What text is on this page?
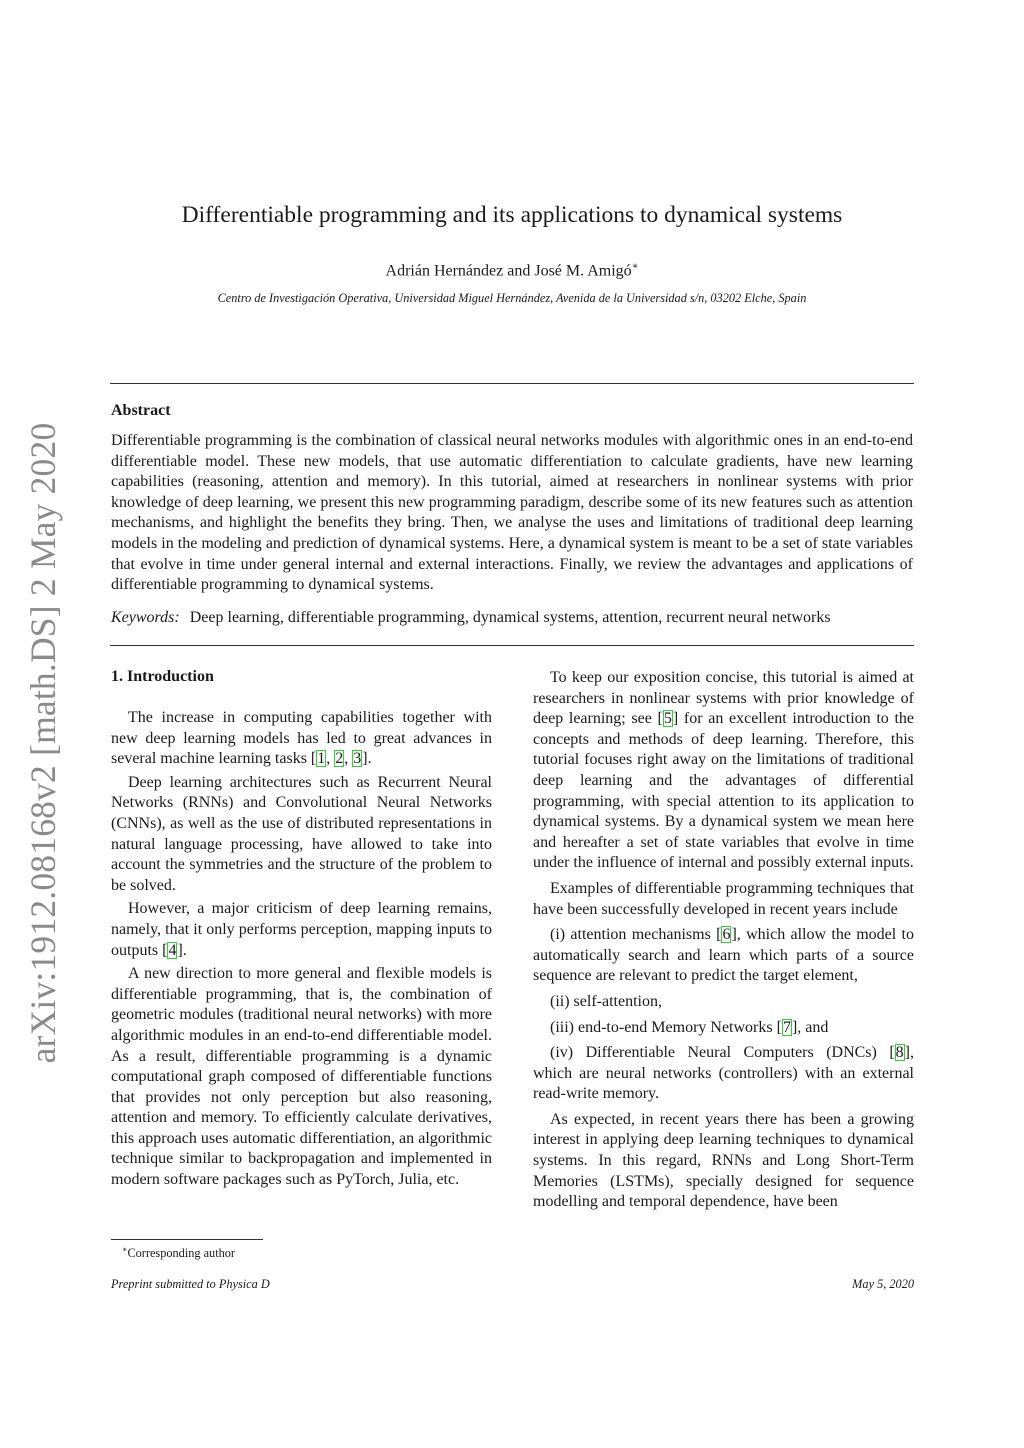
arXiv:1912.08168v2 [math.DS] 2 May 2020
Differentiable programming and its applications to dynamical systems
Adrián Hernández and José M. Amigó∗
Centro de Investigación Operativa, Universidad Miguel Hernández, Avenida de la Universidad s/n, 03202 Elche, Spain
Abstract
Differentiable programming is the combination of classical neural networks modules with algorithmic ones in an end-to-end differentiable model. These new models, that use automatic differentiation to calculate gradients, have new learning capabilities (reasoning, attention and memory). In this tutorial, aimed at researchers in nonlinear systems with prior knowledge of deep learning, we present this new programming paradigm, describe some of its new features such as attention mechanisms, and highlight the benefits they bring. Then, we analyse the uses and limitations of traditional deep learning models in the modeling and prediction of dynamical systems. Here, a dynamical system is meant to be a set of state variables that evolve in time under general internal and external interactions. Finally, we review the advantages and applications of differentiable programming to dynamical systems.
Keywords: Deep learning, differentiable programming, dynamical systems, attention, recurrent neural networks
1. Introduction

The increase in computing capabilities together with new deep learning models has led to great advances in several machine learning tasks [1, 2, 3].

Deep learning architectures such as Recurrent Neural Networks (RNNs) and Convolutional Neural Networks (CNNs), as well as the use of distributed representations in natural language processing, have allowed to take into account the symmetries and the structure of the problem to be solved.

However, a major criticism of deep learning remains, namely, that it only performs perception, mapping inputs to outputs [4].

A new direction to more general and flexible models is differentiable programming, that is, the combination of geometric modules (traditional neural networks) with more algorithmic modules in an end-to-end differentiable model. As a result, differentiable programming is a dynamic computational graph composed of differentiable functions that provides not only perception but also reasoning, attention and memory. To efficiently calculate derivatives, this approach uses automatic differentiation, an algorithmic technique similar to backpropagation and implemented in modern software packages such as PyTorch, Julia, etc.

To keep our exposition concise, this tutorial is aimed at researchers in nonlinear systems with prior knowledge of deep learning; see [5] for an excellent introduction to the concepts and methods of deep learning. Therefore, this tutorial focuses right away on the limitations of traditional deep learning and the advantages of differential programming, with special attention to its application to dynamical systems. By a dynamical system we mean here and hereafter a set of state variables that evolve in time under the influence of internal and possibly external inputs.

Examples of differentiable programming techniques that have been successfully developed in recent years include

(i) attention mechanisms [6], which allow the model to automatically search and learn which parts of a source sequence are relevant to predict the target element,

(ii) self-attention,

(iii) end-to-end Memory Networks [7], and

(iv) Differentiable Neural Computers (DNCs) [8], which are neural networks (controllers) with an external read-write memory.

As expected, in recent years there has been a growing interest in applying deep learning techniques to dynamical systems. In this regard, RNNs and Long Short-Term Memories (LSTMs), specially designed for sequence modelling and temporal dependence, have been

∗Corresponding author
Preprint submitted to Physica D	May 5, 2020
